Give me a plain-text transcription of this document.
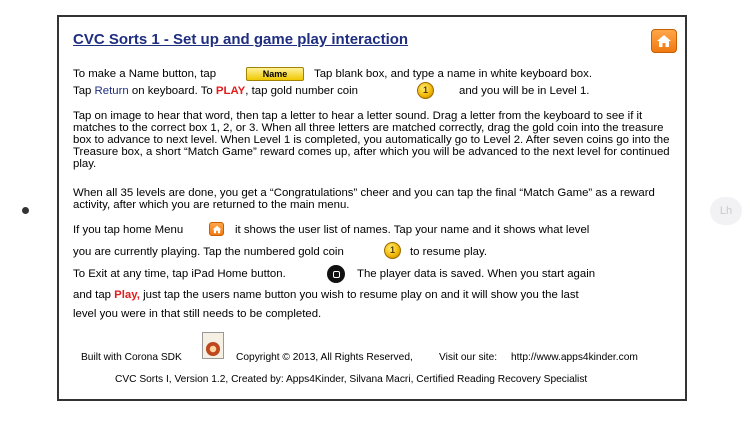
Lh
CVC Sorts 1 - Set up and game play interaction
To make a Name button, tap	Name	Tap blank box, and type a name in white keyboard box.
Tap Return on keyboard. To PLAY, tap gold number coin	1	and you will be in Level 1.
Tap on image to hear that word, then tap a letter to hear a letter sound. Drag a letter from the keyboard to see if it matches to the correct box 1, 2, or 3. When all three letters are matched correctly, drag the gold coin into the treasure box to advance to next level. When Level 1 is completed, you automatically go to Level 2. After seven coins go into the Treasure box, a short “Match Game” reward comes up, after which you will be advanced to the next level for continued play.
When all 35 levels are done, you get a “Congratulations” cheer and you can tap the final “Match Game” as a reward activity, after which you are returned to the main menu.
If you tap home Menu	it shows the user list of names. Tap your name and it shows what level
you are currently playing. Tap the numbered gold coin	1	to resume play.
To Exit at any time, tap iPad Home button.	The player data is saved. When you start again
and tap Play, just tap the users name button you wish to resume play on and it will show you the last
level you were in that still needs to be completed.
Built with Corona SDK	Copyright © 2013, All Rights Reserved,	Visit our site: http://www.apps4kinder.com
CVC Sorts I, Version 1.2, Created by: Apps4Kinder, Silvana Macri, Certified Reading Recovery Specialist
